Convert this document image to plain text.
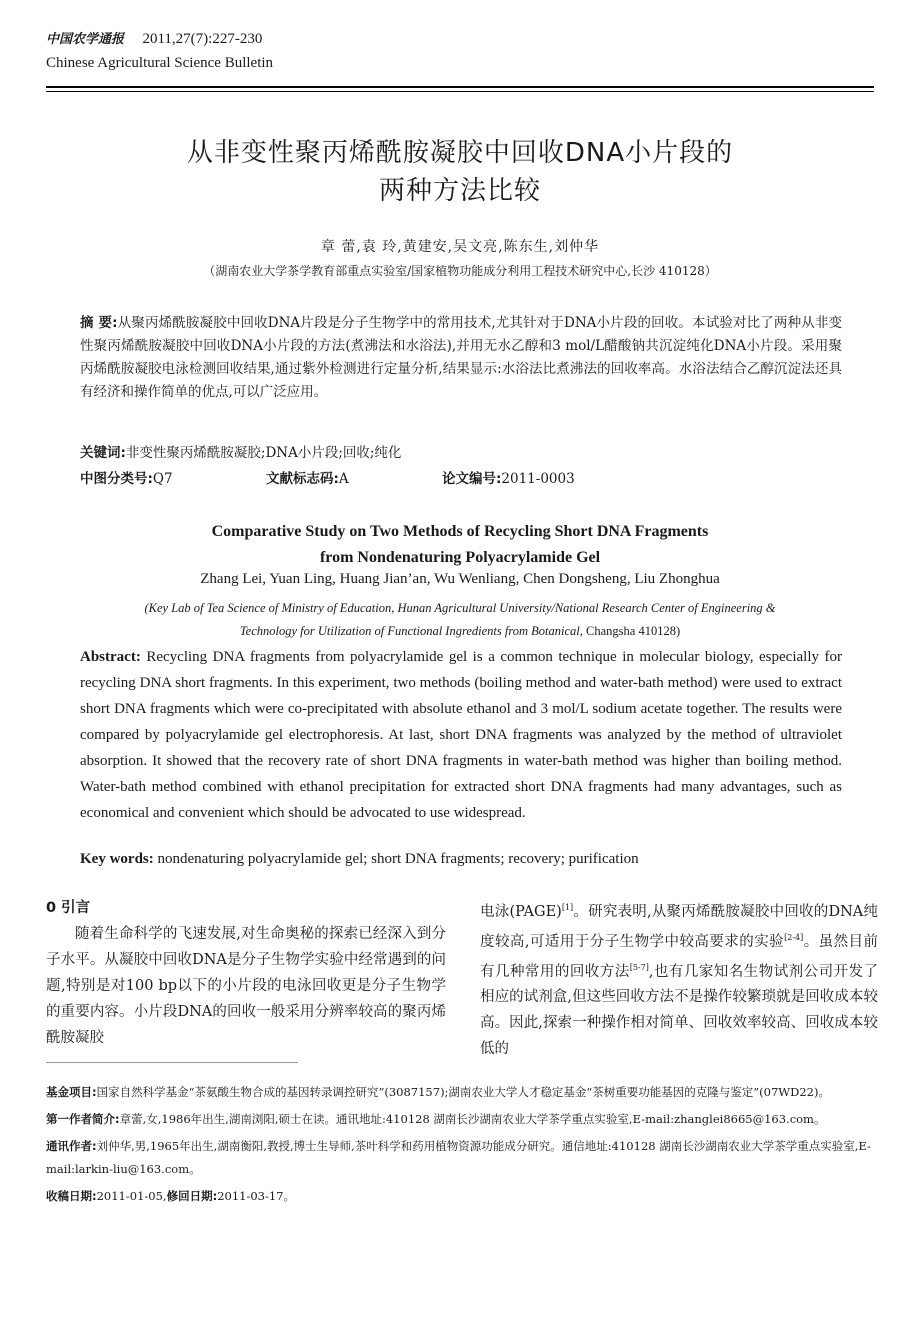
中国农学通报 2011,27(7):227-230
Chinese Agricultural Science Bulletin
从非变性聚丙烯酰胺凝胶中回收DNA小片段的
两种方法比较
章 蕾,袁 玲,黄建安,吴文亮,陈东生,刘仲华
（湖南农业大学茶学教育部重点实验室/国家植物功能成分利用工程技术研究中心,长沙 410128）
摘 要:从聚丙烯酰胺凝胶中回收DNA片段是分子生物学中的常用技术,尤其针对于DNA小片段的回收。本试验对比了两种从非变性聚丙烯酰胺凝胶中回收DNA小片段的方法(煮沸法和水浴法),并用无水乙醇和3 mol/L醋酸钠共沉淀纯化DNA小片段。采用聚丙烯酰胺凝胶电泳检测回收结果,通过紫外检测进行定量分析,结果显示:水浴法比煮沸法的回收率高。水浴法结合乙醇沉淀法还具有经济和操作简单的优点,可以广泛应用。
关键词:非变性聚丙烯酰胺凝胶;DNA小片段;回收;纯化
中图分类号:Q7	文献标志码:A	论文编号:2011-0003
Comparative Study on Two Methods of Recycling Short DNA Fragments
from Nondenaturing Polyacrylamide Gel
Zhang Lei, Yuan Ling, Huang Jian’an, Wu Wenliang, Chen Dongsheng, Liu Zhonghua
(Key Lab of Tea Science of Ministry of Education, Hunan Agricultural University/National Research Center of Engineering &
Technology for Utilization of Functional Ingredients from Botanical, Changsha 410128)
Abstract: Recycling DNA fragments from polyacrylamide gel is a common technique in molecular biology, especially for recycling DNA short fragments. In this experiment, two methods (boiling method and water-bath method) were used to extract short DNA fragments which were co-precipitated with absolute ethanol and 3 mol/L sodium acetate together. The results were compared by polyacrylamide gel electrophoresis. At last, short DNA fragments was analyzed by the method of ultraviolet absorption. It showed that the recovery rate of short DNA fragments in water-bath method was higher than boiling method. Water-bath method combined with ethanol precipitation for extracted short DNA fragments had many advantages, such as economical and convenient which should be advocated to use widespread.
Key words: nondenaturing polyacrylamide gel; short DNA fragments; recovery; purification
0 引言
随着生命科学的飞速发展,对生命奥秘的探索已经深入到分子水平。从凝胶中回收DNA是分子生物学实验中经常遇到的问题,特别是对100 bp以下的小片段的电泳回收更是分子生物学的重要内容。小片段DNA的回收一般采用分辨率较高的聚丙烯酰胺凝胶
电泳(PAGE)[1]。研究表明,从聚丙烯酰胺凝胶中回收的DNA纯度较高,可适用于分子生物学中较高要求的实验[2-4]。虽然目前有几种常用的回收方法[5-7],也有几家知名生物试剂公司开发了相应的试剂盒,但这些回收方法不是操作较繁琐就是回收成本较高。因此,探索一种操作相对简单、回收效率较高、回收成本较低的

基金项目:国家自然科学基金“茶氨酸生物合成的基因转录调控研究”(3087157);湖南农业大学人才稳定基金“茶树重要功能基因的克隆与鉴定”(07WD22)。

第一作者简介:章蕾,女,1986年出生,湖南浏阳,硕士在读。通讯地址:410128 湖南长沙湖南农业大学茶学重点实验室,E-mail:zhanglei8665@163.com。

通讯作者:刘仲华,男,1965年出生,湖南衡阳,教授,博士生导师,茶叶科学和药用植物资源功能成分研究。通信地址:410128 湖南长沙湖南农业大学茶学重点实验室,E-mail:larkin-liu@163.com。

收稿日期:2011-01-05,修回日期:2011-03-17。
